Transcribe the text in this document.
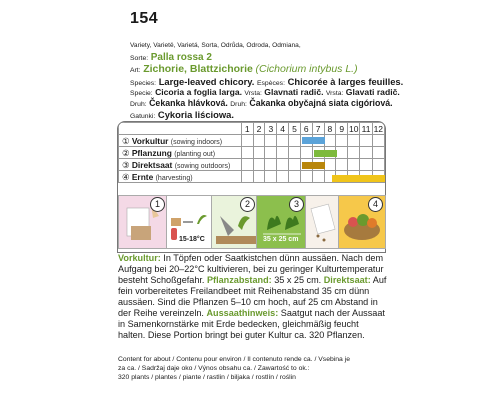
154
Variety, Varietě, Varietá, Sorta, Odrůda, Odroda, Odmiana,
Sorte: Palla rossa 2
Art: Zichorie, Blattzichorie (Cichorium intybus L.)
Species: Large-leaved chicory. Espèces: Chicorée à larges feuilles.
Specie: Cicoria a foglia larga. Vrsta: Glavnati radič. Vrsta: Glavati radič.
Druh: Čekanka hlávková. Druh: Čakanka obyčajná siata cigóriová.
Gatunki: Cykoria liściowa.
	1	2	3	4	5	6	7	8	9	10	11	12
① Vorkultur (sowing indoors)												
② Pflanzung (planting out)												
③ Direktsaat (sowing outdoors)												
④ Ernte (harvesting)												
1
15-18°C
2	3
35 x 25 cm
4
Vorkultur: In Töpfen oder Saatkistchen dünn aussäen. Nach dem Aufgang bei 20–22°C kultivieren, bei zu geringer Kulturtemperatur besteht Schoßgefahr. Pflanzabstand: 35 x 25 cm. Direktsaat: Auf fein vorbereitetes Freilandbeet mit Reihenabstand 35 cm dünn aussäen. Sind die Pflanzen 5–10 cm hoch, auf 25 cm Abstand in der Reihe vereinzeln. Aussaathinweis: Saatgut nach der Aussaat in Samenkornstärke mit Erde bedecken, gleichmäßig feucht halten. Diese Portion bringt bei guter Kultur ca. 320 Pflanzen.
Content for about / Contenu pour environ / Il contenuto rende ca. / Vsebina je
za ca. / Sadržaj daje oko / Výnos obsahu ca. / Zawartość to ok.:
320 plants / plantes / piante / rastlin / biljaka / rostlín / roślin
